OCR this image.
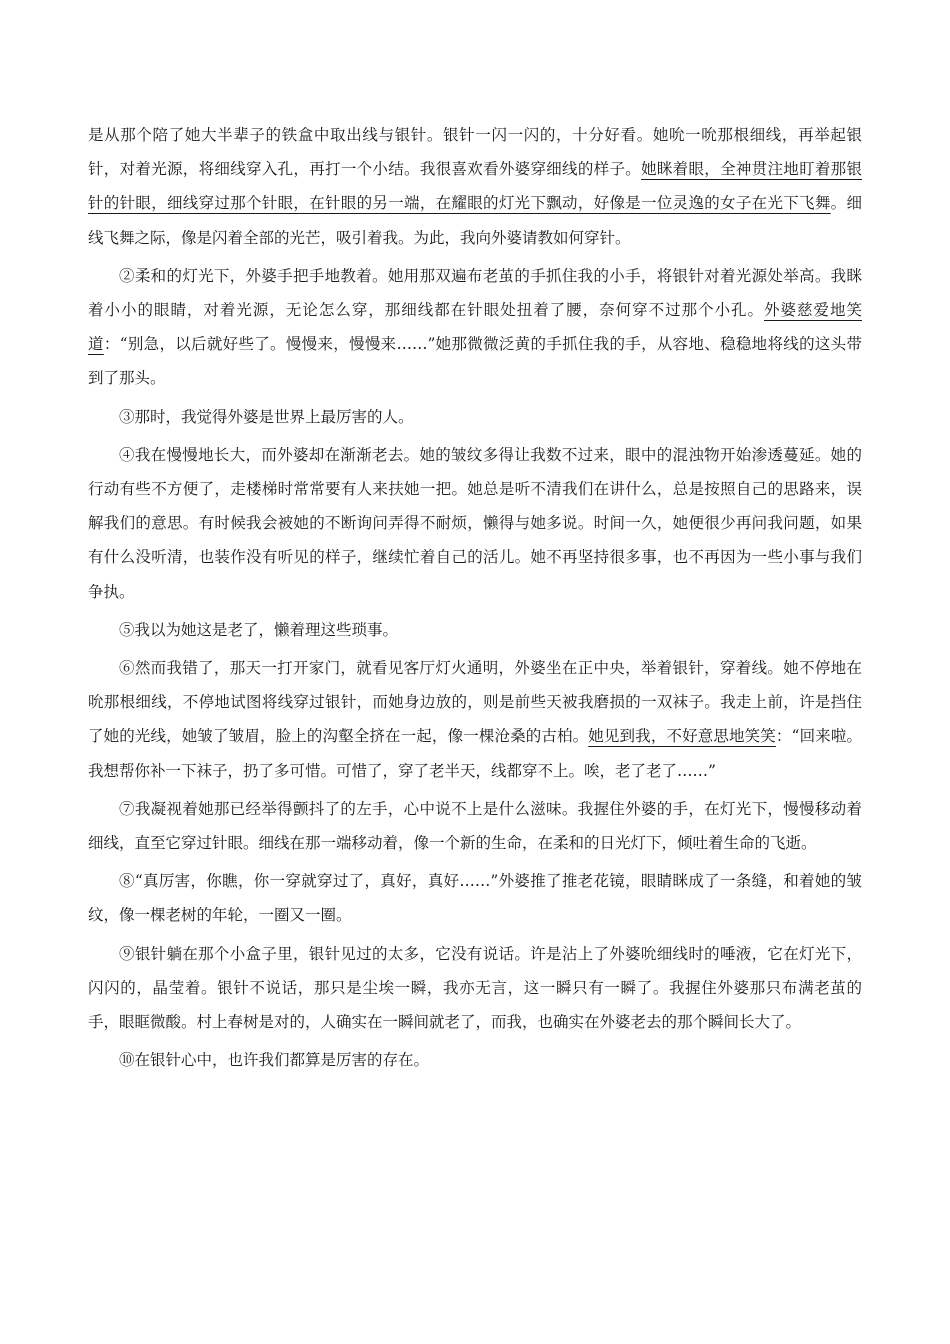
是从那个陪了她大半辈子的铁盒中取出线与银针。银针一闪一闪的，十分好看。她吮一吮那根细线，再举起银针，对着光源，将细线穿入孔，再打一个小结。我很喜欢看外婆穿细线的样子。她眯着眼，全神贯注地盯着那银针的针眼，细线穿过那个针眼，在针眼的另一端，在耀眼的灯光下飘动，好像是一位灵逸的女子在光下飞舞。细线飞舞之际，像是闪着全部的光芒，吸引着我。为此，我向外婆请教如何穿针。

②柔和的灯光下，外婆手把手地教着。她用那双遍布老茧的手抓住我的小手，将银针对着光源处举高。我眯着小小的眼睛，对着光源，无论怎么穿，那细线都在针眼处扭着了腰，奈何穿不过那个小孔。外婆慈爱地笑道：“别急，以后就好些了。慢慢来，慢慢来……”她那微微泛黄的手抓住我的手，从容地、稳稳地将线的这头带到了那头。

③那时，我觉得外婆是世界上最厉害的人。

④我在慢慢地长大，而外婆却在渐渐老去。她的皱纹多得让我数不过来，眼中的混浊物开始渗透蔓延。她的行动有些不方便了，走楼梯时常常要有人来扶她一把。她总是听不清我们在讲什么，总是按照自己的思路来，误解我们的意思。有时候我会被她的不断询问弄得不耐烦，懒得与她多说。时间一久，她便很少再问我问题，如果有什么没听清，也装作没有听见的样子，继续忙着自己的活儿。她不再坚持很多事，也不再因为一些小事与我们争执。

⑤我以为她这是老了，懒着理这些琐事。

⑥然而我错了，那天一打开家门，就看见客厅灯火通明，外婆坐在正中央，举着银针，穿着线。她不停地在吮那根细线，不停地试图将线穿过银针，而她身边放的，则是前些天被我磨损的一双袜子。我走上前，许是挡住了她的光线，她皱了皱眉，脸上的沟壑全挤在一起，像一棵沧桑的古柏。她见到我，不好意思地笑笑：“回来啦。我想帮你补一下袜子，扔了多可惜。可惜了，穿了老半天，线都穿不上。唉，老了老了……”

⑦我凝视着她那已经举得颤抖了的左手，心中说不上是什么滋味。我握住外婆的手，在灯光下，慢慢移动着细线，直至它穿过针眼。细线在那一端移动着，像一个新的生命，在柔和的日光灯下，倾吐着生命的飞逝。

⑧“真厉害，你瞧，你一穿就穿过了，真好，真好……”外婆推了推老花镜，眼睛眯成了一条缝，和着她的皱纹，像一棵老树的年轮，一圈又一圈。

⑨银针躺在那个小盒子里，银针见过的太多，它没有说话。许是沾上了外婆吮细线时的唾液，它在灯光下，闪闪的，晶莹着。银针不说话，那只是尘埃一瞬，我亦无言，这一瞬只有一瞬了。我握住外婆那只布满老茧的手，眼眶微酸。村上春树是对的，人确实在一瞬间就老了，而我，也确实在外婆老去的那个瞬间长大了。

⑩在银针心中，也许我们都算是厉害的存在。
